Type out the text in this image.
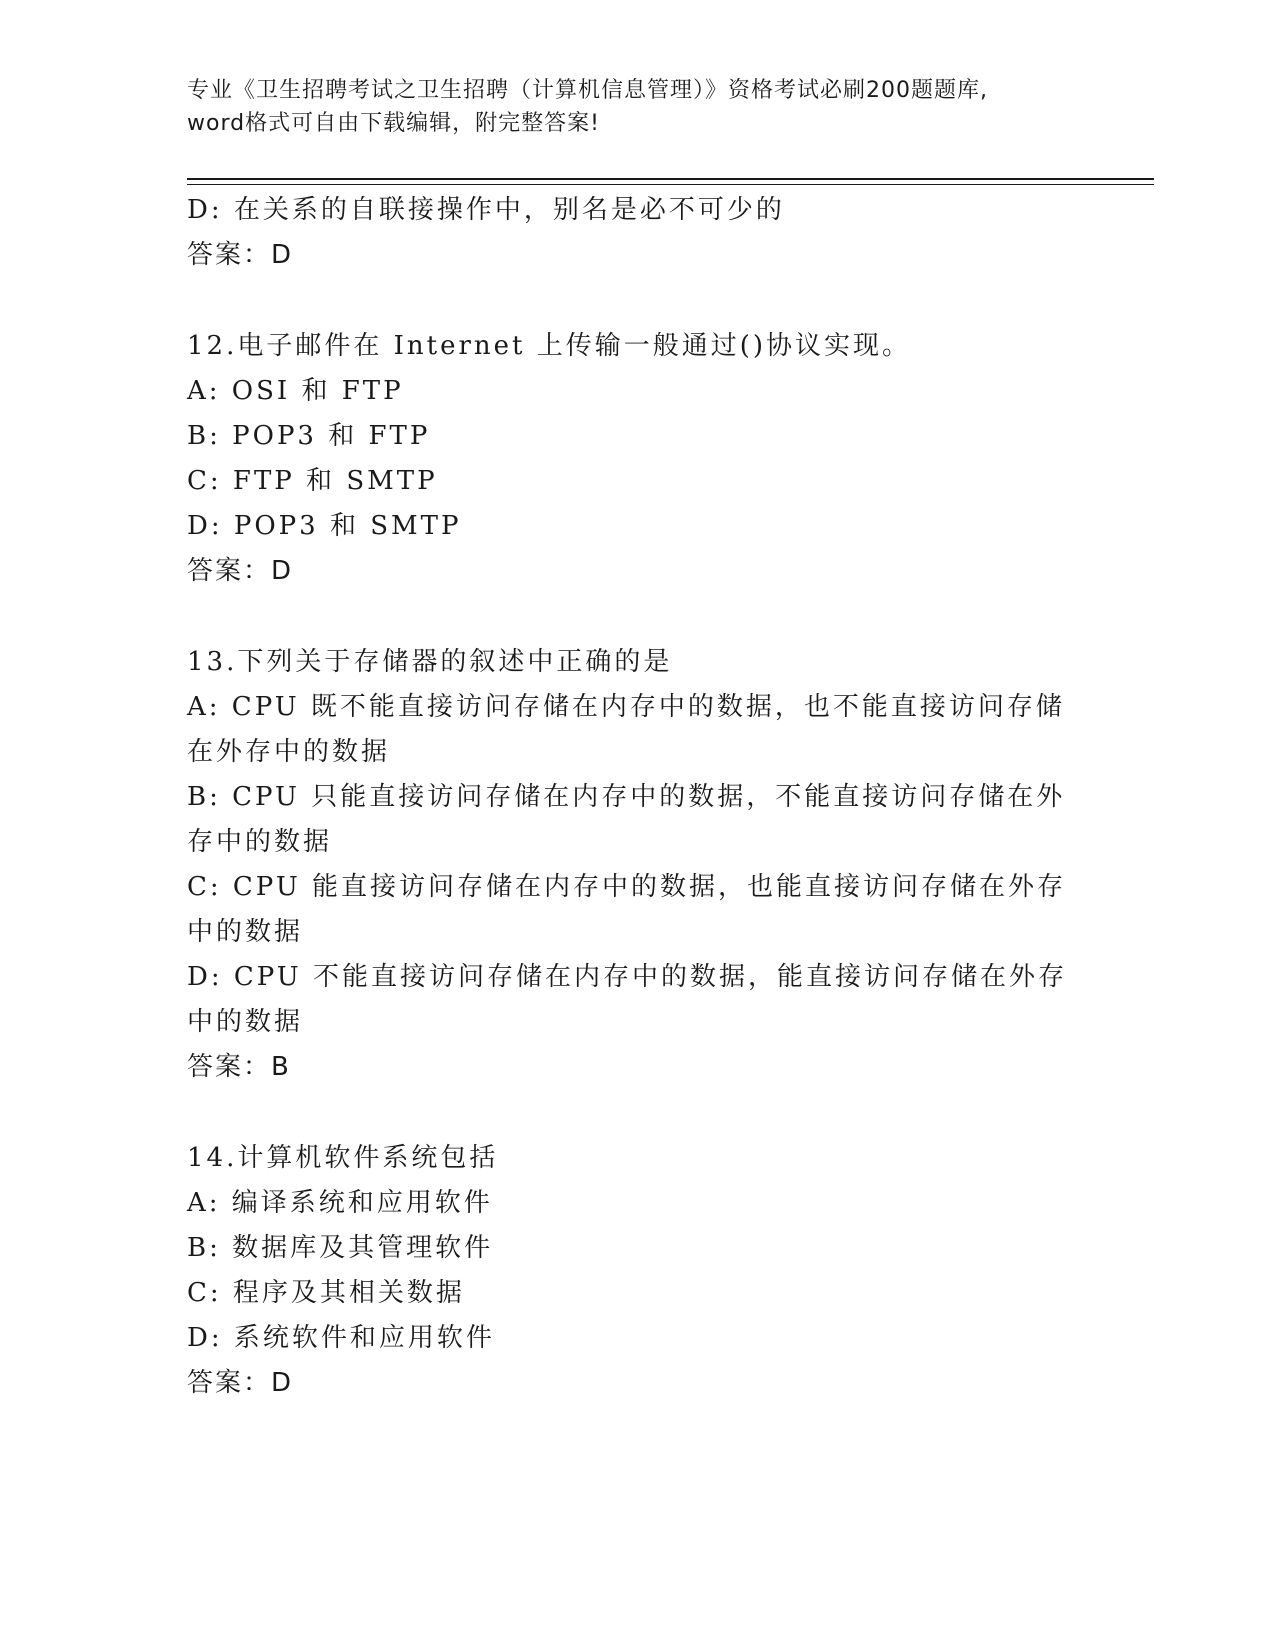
专业《卫生招聘考试之卫生招聘（计算机信息管理）》资格考试必刷200题题库,
word格式可自由下载编辑，附完整答案!
D: 在关系的自联接操作中，别名是必不可少的
答案：D
12.电子邮件在 Internet 上传输一般通过()协议实现。
A: OSI 和 FTP
B: POP3 和 FTP
C: FTP 和 SMTP
D: POP3 和 SMTP
答案：D
13.下列关于存储器的叙述中正确的是
A: CPU 既不能直接访问存储在内存中的数据，也不能直接访问存储在外存中的数据
B: CPU 只能直接访问存储在内存中的数据，不能直接访问存储在外存中的数据
C: CPU 能直接访问存储在内存中的数据，也能直接访问存储在外存中的数据
D: CPU 不能直接访问存储在内存中的数据，能直接访问存储在外存中的数据
答案：B
14.计算机软件系统包括
A: 编译系统和应用软件
B: 数据库及其管理软件
C: 程序及其相关数据
D: 系统软件和应用软件
答案：D
